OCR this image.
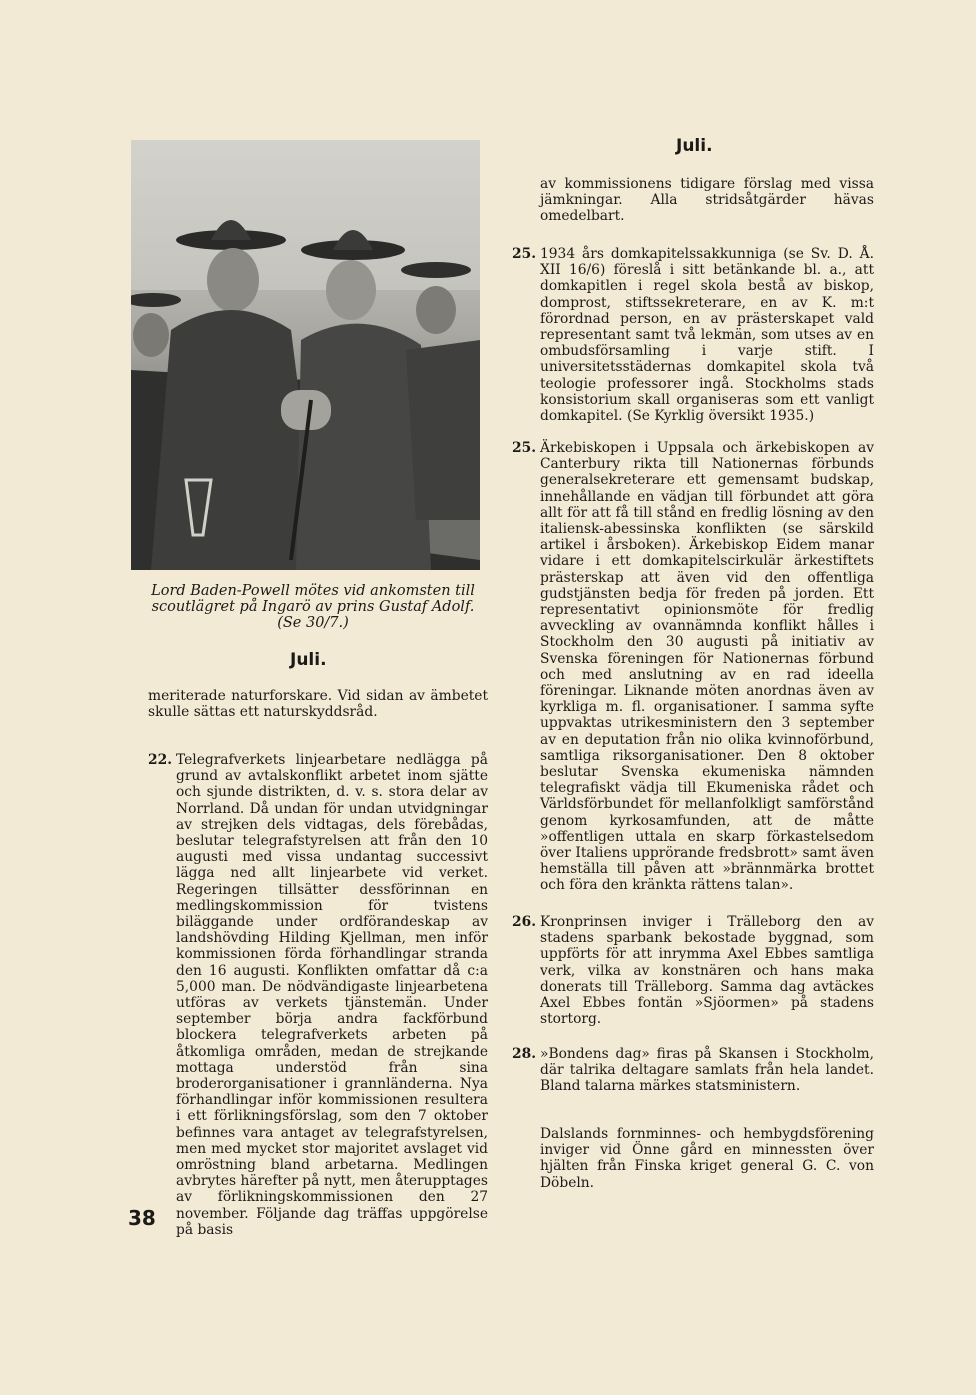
Juli.
Lord Baden-Powell mötes vid ankomsten till
scoutlägret på Ingarö av prins Gustaf Adolf.
(Se 30/7.)
Juli.

meriterade naturforskare. Vid sidan av ämbetet skulle sättas ett naturskyddsråd.

22. Telegrafverkets linjearbetare nedlägga på grund av avtalskonflikt arbetet inom sjätte och sjunde distrikten, d. v. s. stora delar av Norrland. Då undan för undan utvidgningar av strejken dels vidtagas, dels förebådas, beslutar telegrafstyrelsen att från den 10 augusti med vissa undantag successivt lägga ned allt linjearbete vid verket. Regeringen tillsätter dessförinnan en medlingskommission för tvistens biläggande under ordförandeskap av landshövding Hilding Kjellman, men inför kommissionen förda förhandlingar stranda den 16 augusti. Konflikten omfattar då c:a 5,000 man. De nödvändigaste linjearbetena utföras av verkets tjänstemän. Under september börja andra fackförbund blockera telegrafverkets arbeten på åtkomliga områden, medan de strejkande mottaga understöd från sina broderorganisationer i grannländerna. Nya förhandlingar inför kommissionen resultera i ett förlikningsförslag, som den 7 oktober befinnes vara antaget av telegrafstyrelsen, men med mycket stor majoritet avslaget vid omröstning bland arbetarna. Medlingen avbrytes härefter på nytt, men återupptages av förlikningskommissionen den 27 november. Följande dag träffas uppgörelse på basis
av kommissionens tidigare förslag med vissa jämkningar. Alla stridsåtgärder hävas omedelbart.
25. 1934 års domkapitelssakkunniga (se Sv. D. Å. XII 16/6) föreslå i sitt betänkande bl. a., att domkapitlen i regel skola bestå av biskop, domprost, stiftssekreterare, en av K. m:t förordnad person, en av prästerskapet vald representant samt två lekmän, som utses av en ombudsförsamling i varje stift. I universitetsstädernas domkapitel skola två teologie professorer ingå. Stockholms stads konsistorium skall organiseras som ett vanligt domkapitel. (Se Kyrklig översikt 1935.)
25. Ärkebiskopen i Uppsala och ärkebiskopen av Canterbury rikta till Nationernas förbunds generalsekreterare ett gemensamt budskap, innehållande en vädjan till förbundet att göra allt för att få till stånd en fredlig lösning av den italiensk-abessinska konflikten (se särskild artikel i årsboken). Ärkebiskop Eidem manar vidare i ett domkapitelscirkulär ärkestiftets prästerskap att även vid den offentliga gudstjänsten bedja för freden på jorden. Ett representativt opinionsmöte för fredlig avveckling av ovannämnda konflikt hålles i Stockholm den 30 augusti på initiativ av Svenska föreningen för Nationernas förbund och med anslutning av en rad ideella föreningar. Liknande möten anordnas även av kyrkliga m. fl. organisationer. I samma syfte uppvaktas utrikesministern den 3 september av en deputation från nio olika kvinnoförbund, samtliga riksorganisationer. Den 8 oktober beslutar Svenska ekumeniska nämnden telegrafiskt vädja till Ekumeniska rådet och Världsförbundet för mellanfolkligt samförstånd genom kyrkosamfunden, att de måtte »offentligen uttala en skarp förkastelsedom över Italiens upprörande fredsbrott» samt även hemställa till påven att »brännmärka brottet och föra den kränkta rättens talan».
26. Kronprinsen inviger i Trälleborg den av stadens sparbank bekostade byggnad, som uppförts för att inrymma Axel Ebbes samtliga verk, vilka av konstnären och hans maka donerats till Trälleborg. Samma dag avtäckes Axel Ebbes fontän »Sjöormen» på stadens stortorg.
28. »Bondens dag» firas på Skansen i Stockholm, där talrika deltagare samlats från hela landet. Bland talarna märkes statsministern.
Dalslands fornminnes- och hembygdsförening inviger vid Önne gård en minnessten över hjälten från Finska kriget general G. C. von Döbeln.
38
